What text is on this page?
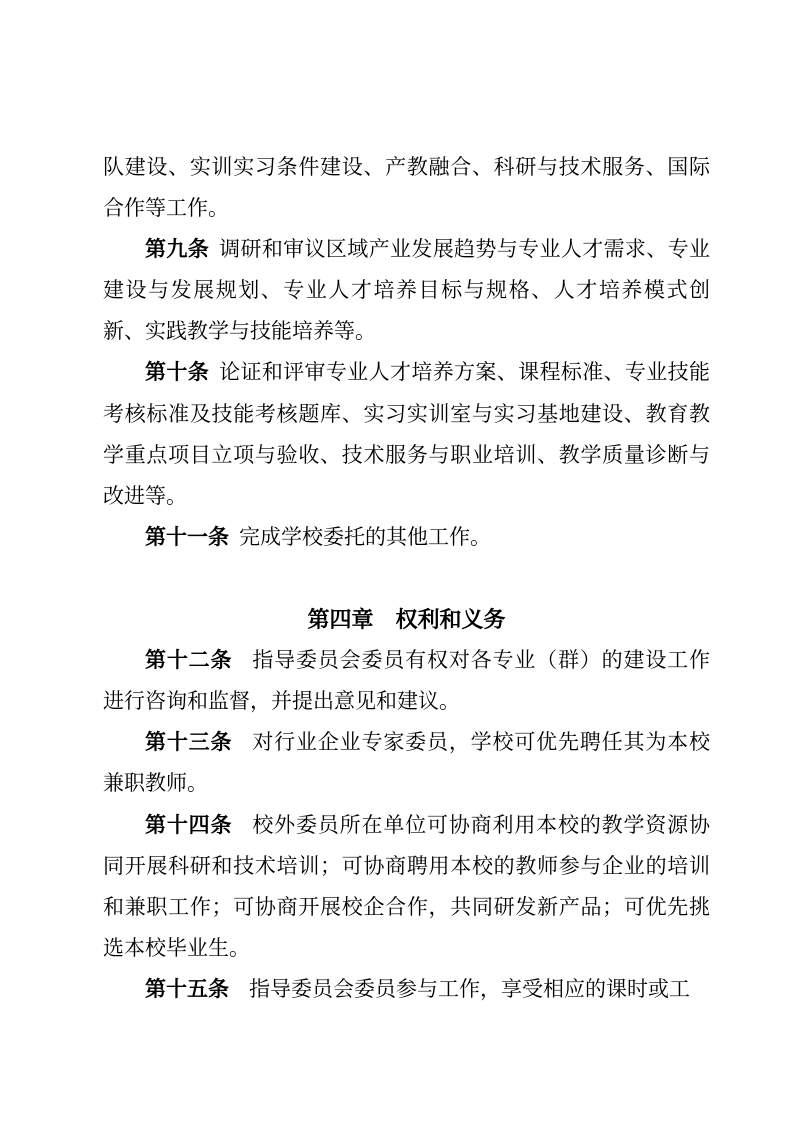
队建设、实训实习条件建设、产教融合、科研与技术服务、国际合作等工作。

第九条 调研和审议区域产业发展趋势与专业人才需求、专业建设与发展规划、专业人才培养目标与规格、人才培养模式创新、实践教学与技能培养等。

第十条 论证和评审专业人才培养方案、课程标准、专业技能考核标准及技能考核题库、实习实训室与实习基地建设、教育教学重点项目立项与验收、技术服务与职业培训、教学质量诊断与改进等。

第十一条 完成学校委托的其他工作。

第四章　权利和义务

第十二条 指导委员会委员有权对各专业（群）的建设工作进行咨询和监督，并提出意见和建议。

第十三条 对行业企业专家委员，学校可优先聘任其为本校兼职教师。

第十四条 校外委员所在单位可协商利用本校的教学资源协同开展科研和技术培训；可协商聘用本校的教师参与企业的培训和兼职工作；可协商开展校企合作，共同研发新产品；可优先挑选本校毕业生。

第十五条 指导委员会委员参与工作，享受相应的课时或工
